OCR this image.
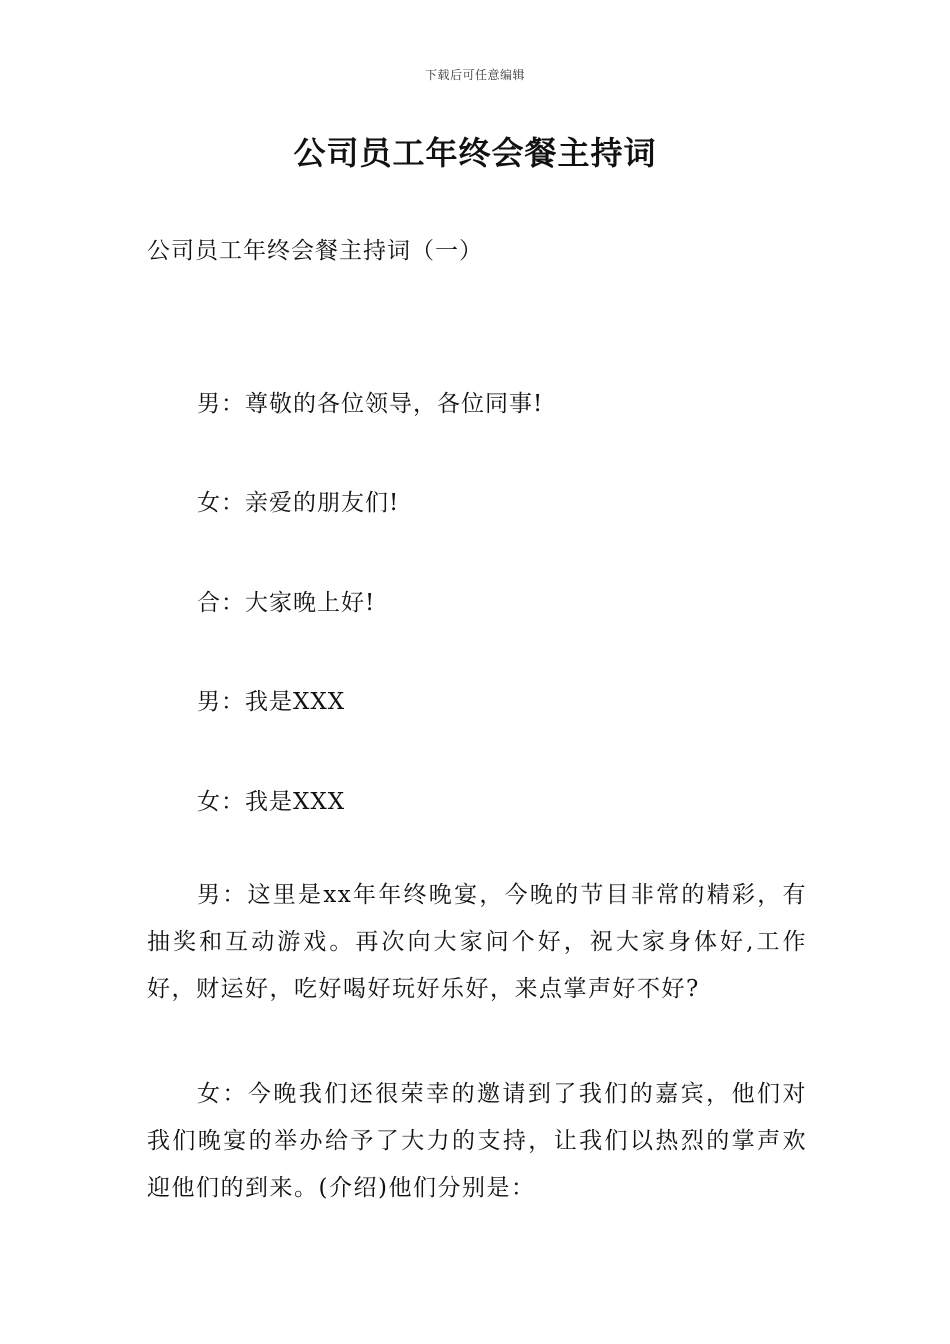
下载后可任意编辑
公司员工年终会餐主持词
公司员工年终会餐主持词（一）
男：尊敬的各位领导，各位同事!
女：亲爱的朋友们!
合：大家晚上好!
男：我是XXX
女：我是XXX
男：这里是xx年年终晚宴，今晚的节目非常的精彩，有抽奖和互动游戏。再次向大家问个好，祝大家身体好,工作好，财运好，吃好喝好玩好乐好，来点掌声好不好?
女：今晚我们还很荣幸的邀请到了我们的嘉宾，他们对我们晚宴的举办给予了大力的支持，让我们以热烈的掌声欢迎他们的到来。(介绍)他们分别是：
